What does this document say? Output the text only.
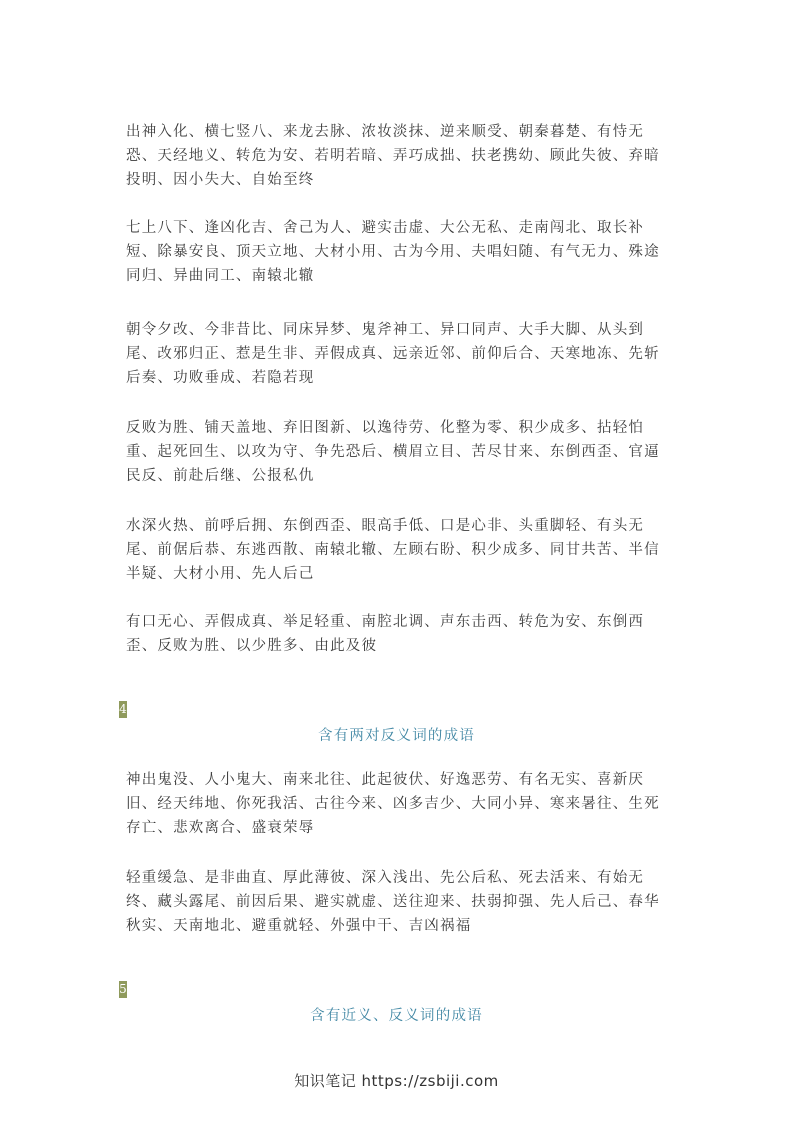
出神入化、横七竖八、来龙去脉、浓妆淡抹、逆来顺受、朝秦暮楚、有恃无恐、天经地义、转危为安、若明若暗、弄巧成拙、扶老携幼、顾此失彼、弃暗投明、因小失大、自始至终

七上八下、逢凶化吉、舍己为人、避实击虚、大公无私、走南闯北、取长补短、除暴安良、顶天立地、大材小用、古为今用、夫唱妇随、有气无力、殊途同归、异曲同工、南辕北辙

朝令夕改、今非昔比、同床异梦、鬼斧神工、异口同声、大手大脚、从头到尾、改邪归正、惹是生非、弄假成真、远亲近邻、前仰后合、天寒地冻、先斩后奏、功败垂成、若隐若现

反败为胜、铺天盖地、弃旧图新、以逸待劳、化整为零、积少成多、拈轻怕重、起死回生、以攻为守、争先恐后、横眉立目、苦尽甘来、东倒西歪、官逼民反、前赴后继、公报私仇

水深火热、前呼后拥、东倒西歪、眼高手低、口是心非、头重脚轻、有头无尾、前倨后恭、东逃西散、南辕北辙、左顾右盼、积少成多、同甘共苦、半信半疑、大材小用、先人后己

有口无心、弄假成真、举足轻重、南腔北调、声东击西、转危为安、东倒西歪、反败为胜、以少胜多、由此及彼

4

含有两对反义词的成语

神出鬼没、人小鬼大、南来北往、此起彼伏、好逸恶劳、有名无实、喜新厌旧、经天纬地、你死我活、古往今来、凶多吉少、大同小异、寒来暑往、生死存亡、悲欢离合、盛衰荣辱

轻重缓急、是非曲直、厚此薄彼、深入浅出、先公后私、死去活来、有始无终、藏头露尾、前因后果、避实就虚、送往迎来、扶弱抑强、先人后己、春华秋实、天南地北、避重就轻、外强中干、吉凶祸福

5

含有近义、反义词的成语

知识笔记 https://zsbiji.com
